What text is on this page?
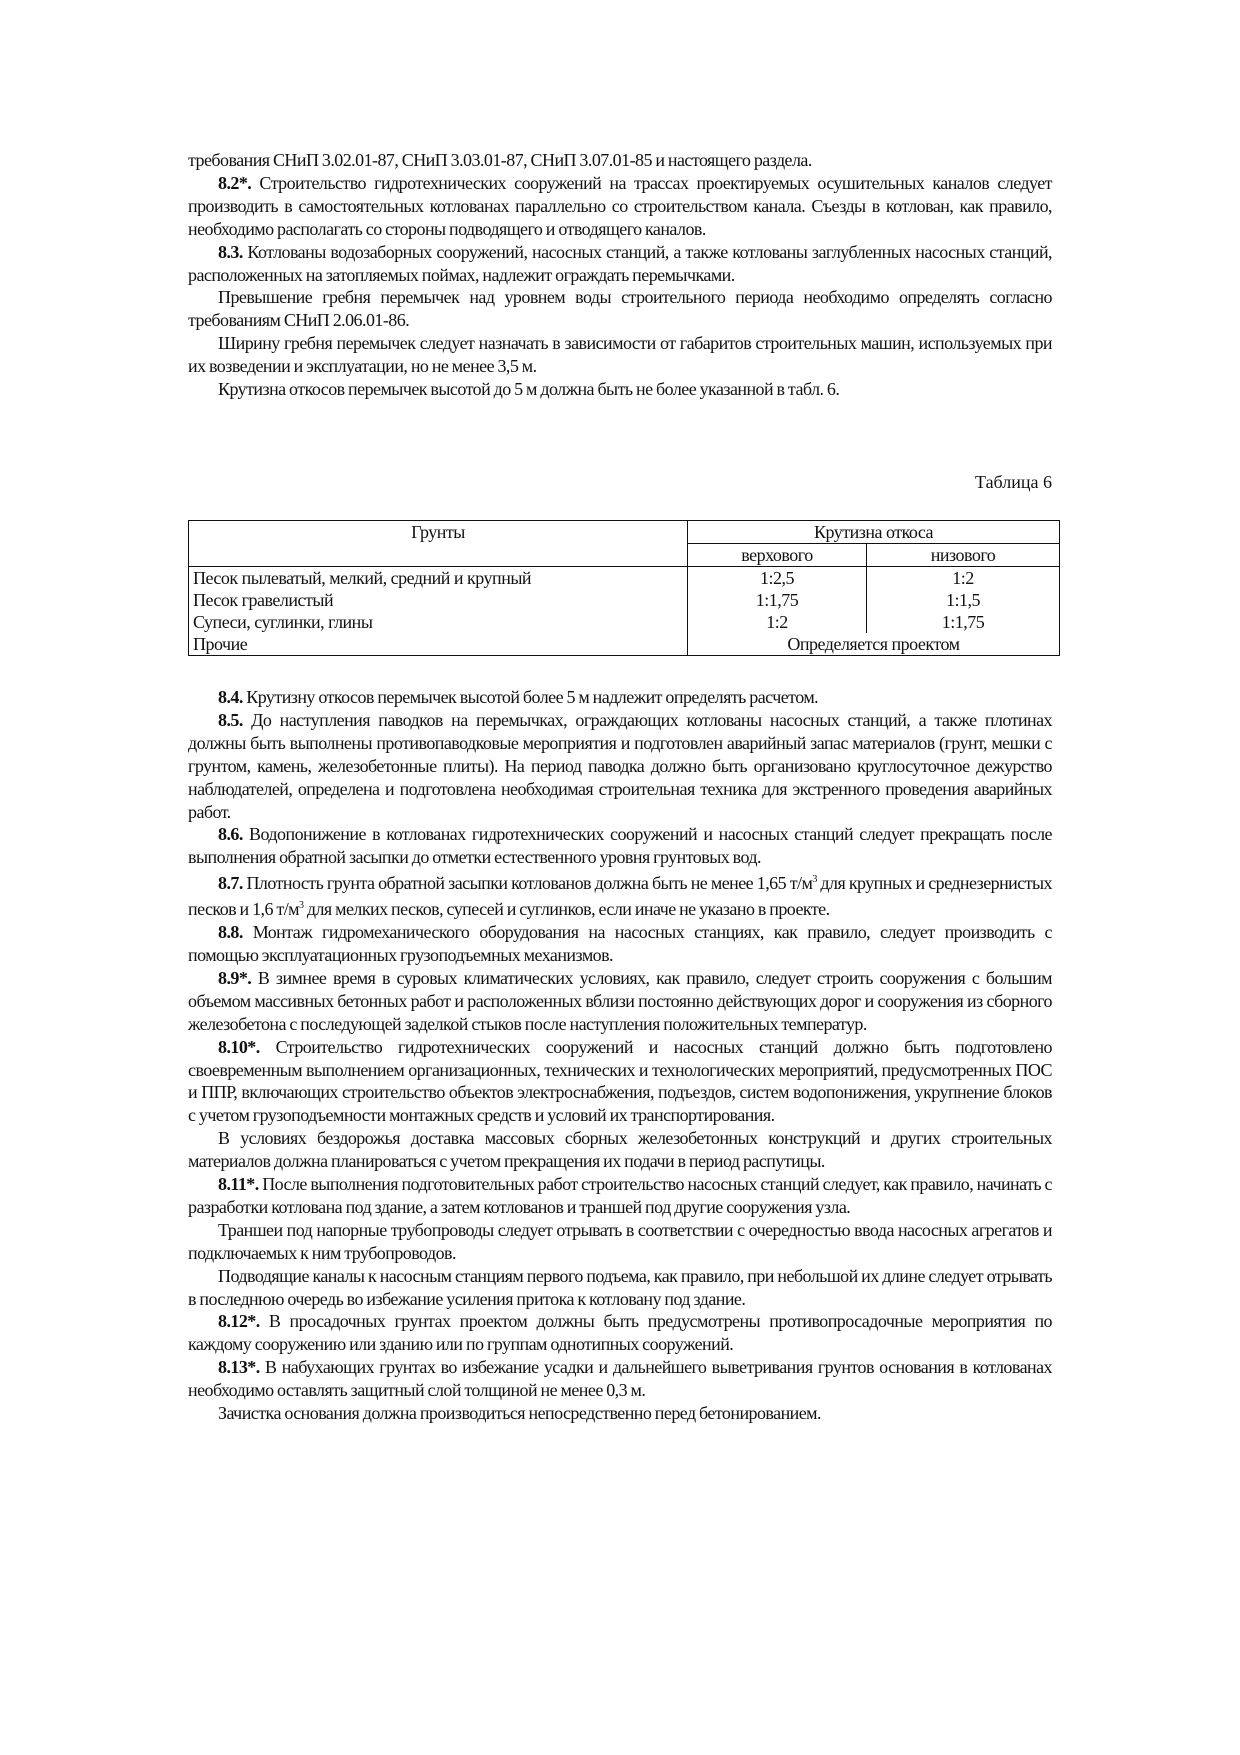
требования СНиП 3.02.01-87, СНиП 3.03.01-87, СНиП 3.07.01-85 и настоящего раздела.

8.2*. Строительство гидротехнических сооружений на трассах проектируемых осушительных каналов следует производить в самостоятельных котлованах параллельно со строительством канала. Съезды в котлован, как правило, необходимо располагать со стороны подводящего и отводящего каналов.

8.3. Котлованы водозаборных сооружений, насосных станций, а также котлованы заглубленных насосных станций, расположенных на затопляемых поймах, надлежит ограждать перемычками.

Превышение гребня перемычек над уровнем воды строительного периода необходимо определять согласно требованиям СНиП 2.06.01-86.

Ширину гребня перемычек следует назначать в зависимости от габаритов строительных машин, используемых при их возведении и эксплуатации, но не менее 3,5 м.

Крутизна откосов перемычек высотой до 5 м должна быть не более указанной в табл. 6.

Таблица 6
Грунты	Крутизна откоса	
	верхового	низового
Песок пылеватый, мелкий, средний и крупный	1:2,5	1:2
Песок гравелистый	1:1,75	1:1,5
Супеси, суглинки, глины	1:2	1:1,75
Прочие	Определяется проектом	

8.4. Крутизну откосов перемычек высотой более 5 м надлежит определять расчетом.

8.5. До наступления паводков на перемычках, ограждающих котлованы насосных станций, а также плотинах должны быть выполнены противопаводковые мероприятия и подготовлен аварийный запас материалов (грунт, мешки с грунтом, камень, железобетонные плиты). На период паводка должно быть организовано круглосуточное дежурство наблюдателей, определена и подготовлена необходимая строительная техника для экстренного проведения аварийных работ.

8.6. Водопонижение в котлованах гидротехнических сооружений и насосных станций следует прекращать после выполнения обратной засыпки до отметки естественного уровня грунтовых вод.

8.7. Плотность грунта обратной засыпки котлованов должна быть не менее 1,65 $т/м^3$ для крупных и среднезернистых песков и 1,6 $т/м^3$ для мелких песков, супесей и суглинков, если иначе не указано в проекте.

8.8. Монтаж гидромеханического оборудования на насосных станциях, как правило, следует производить с помощью эксплуатационных грузоподъемных механизмов.

8.9*. В зимнее время в суровых климатических условиях, как правило, следует строить сооружения с большим объемом массивных бетонных работ и расположенных вблизи постоянно действующих дорог и сооружения из сборного железобетона с последующей заделкой стыков после наступления положительных температур.

8.10*. Строительство гидротехнических сооружений и насосных станций должно быть подготовлено своевременным выполнением организационных, технических и технологических мероприятий, предусмотренных ПОС и ППР, включающих строительство объектов электроснабжения, подъездов, систем водопонижения, укрупнение блоков с учетом грузоподъемности монтажных средств и условий их транспортирования.

В условиях бездорожья доставка массовых сборных железобетонных конструкций и других строительных материалов должна планироваться с учетом прекращения их подачи в период распутицы.

8.11*. После выполнения подготовительных работ строительство насосных станций следует, как правило, начинать с разработки котлована под здание, а затем котлованов и траншей под другие сооружения узла.

Траншеи под напорные трубопроводы следует отрывать в соответствии с очередностью ввода насосных агрегатов и подключаемых к ним трубопроводов.

Подводящие каналы к насосным станциям первого подъема, как правило, при небольшой их длине следует отрывать в последнюю очередь во избежание усиления притока к котловану под здание.

8.12*. В просадочных грунтах проектом должны быть предусмотрены противопросадочные мероприятия по каждому сооружению или зданию или по группам однотипных сооружений.

8.13*. В набухающих грунтах во избежание усадки и дальнейшего выветривания грунтов основания в котлованах необходимо оставлять защитный слой толщиной не менее 0,3 м.

Зачистка основания должна производиться непосредственно перед бетонированием.
